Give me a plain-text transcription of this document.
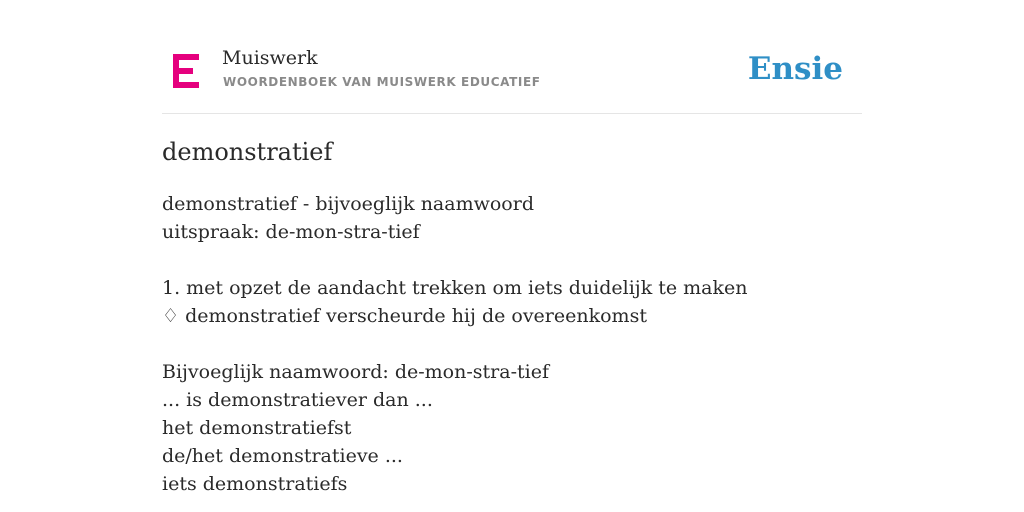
Muiswerk
WOORDENBOEK VAN MUISWERK EDUCATIEF	Ensie
demonstratief
demonstratief - bijvoeglijk naamwoord
uitspraak: de-mon-stra-tief
1. met opzet de aandacht trekken om iets duidelijk te maken
♢ demonstratief verscheurde hij de overeenkomst
Bijvoeglijk naamwoord: de-mon-stra-tief
... is demonstratiever dan ...
het demonstratiefst
de/het demonstratieve ...
iets demonstratiefs
